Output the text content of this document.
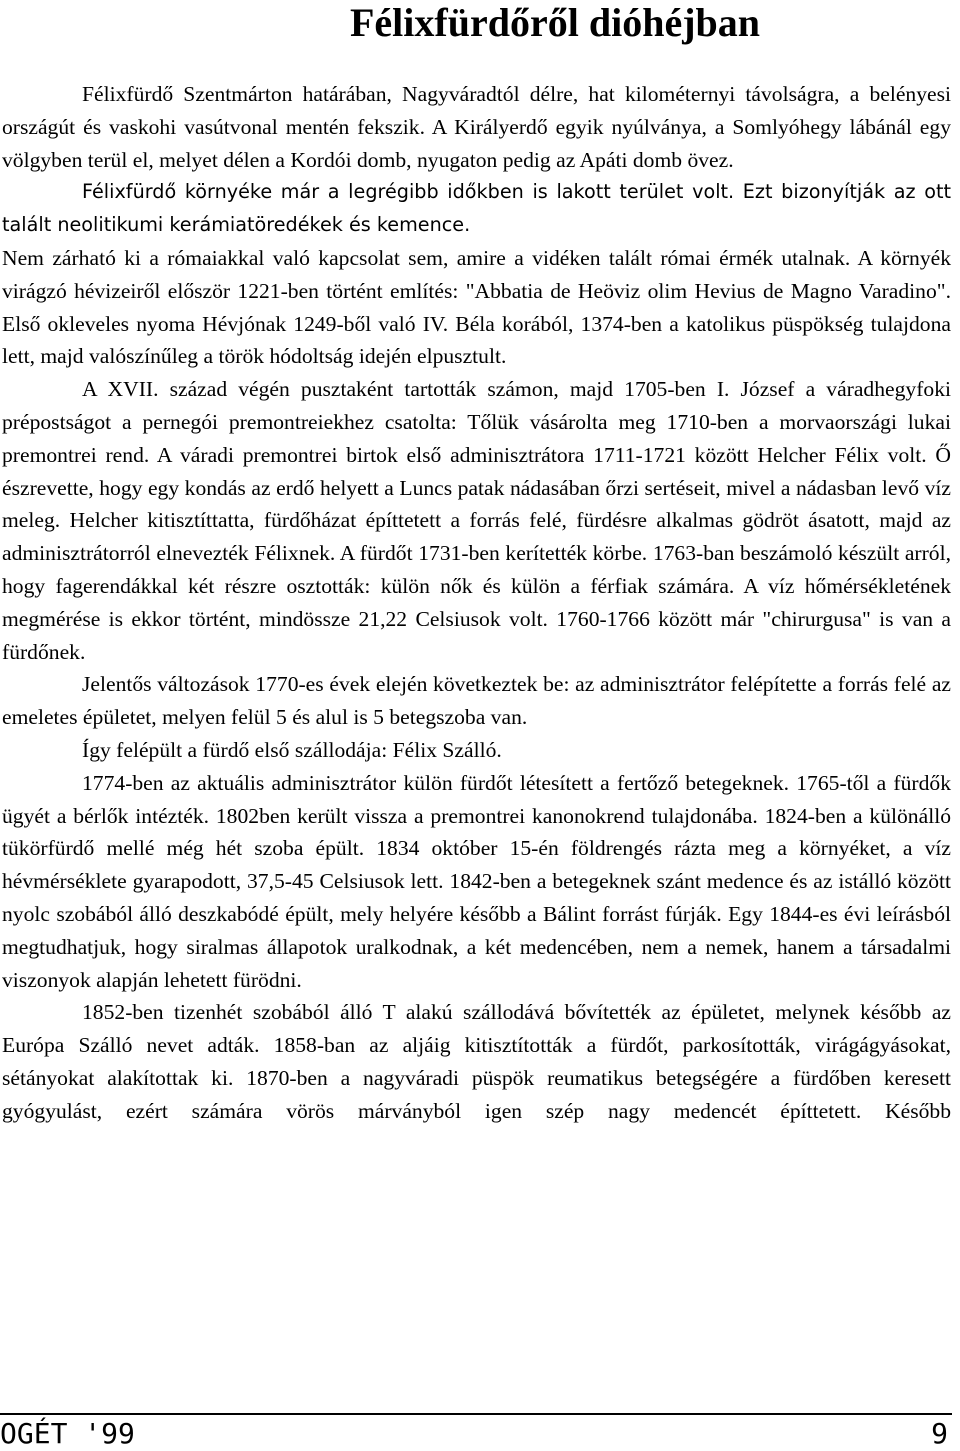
Félixfürdőről dióhéjban

Félixfürdő Szentmárton határában, Nagyváradtól délre, hat kilométernyi távolságra, a belényesi országút és vaskohi vasútvonal mentén fekszik. A Királyerdő egyik nyúlványa, a Somlyóhegy lábánál egy völgyben terül el, melyet délen a Kordói domb, nyugaton pedig az Apáti domb övez.

Félixfürdő környéke már a legrégibb időkben is lakott terület volt. Ezt bizonyítják az ott talált neolitikumi kerámiatöredékek és kemence.

Nem zárható ki a rómaiakkal való kapcsolat sem, amire a vidéken talált római érmék utalnak. A környék virágzó hévizeiről először 1221-ben történt említés: "Abbatia de Heöviz olim Hevius de Magno Varadino". Első okleveles nyoma Hévjónak 1249-ből való IV. Béla korából, 1374-ben a katolikus püspökség tulajdona lett, majd valószínűleg a török hódoltság idején elpusztult.

A XVII. század végén pusztaként tartották számon, majd 1705-ben I. József a váradhegyfoki prépostságot a pernegói premontreiekhez csatolta: Tőlük vásárolta meg 1710-ben a morvaországi lukai premontrei rend. A váradi premontrei birtok első adminisztrátora 1711-1721 között Helcher Félix volt. Ő észrevette, hogy egy kondás az erdő helyett a Luncs patak nádasában őrzi sertéseit, mivel a nádasban levő víz meleg. Helcher kitisztíttatta, fürdőházat építtetett a forrás felé, fürdésre alkalmas gödröt ásatott, majd az adminisztrátorról elnevezték Félixnek. A fürdőt 1731-ben kerítették körbe. 1763-ban beszámoló készült arról, hogy fagerendákkal két részre osztották: külön nők és külön a férfiak számára. A víz hőmérsékletének megmérése is ekkor történt, mindössze 21,22 Celsiusok volt. 1760-1766 között már "chirurgusa" is van a fürdőnek.

Jelentős változások 1770-es évek elején következtek be: az adminisztrátor felépítette a forrás felé az emeletes épületet, melyen felül 5 és alul is 5 betegszoba van.

Így felépült a fürdő első szállodája: Félix Szálló.

1774-ben az aktuális adminisztrátor külön fürdőt létesített a fertőző betegeknek. 1765-től a fürdők ügyét a bérlők intézték. 1802ben került vissza a premontrei kanonokrend tulajdonába. 1824-ben a különálló tükörfürdő mellé még hét szoba épült. 1834 október 15-én földrengés rázta meg a környéket, a víz hévmérséklete gyarapodott, 37,5-45 Celsiusok lett. 1842-ben a betegeknek szánt medence és az istálló között nyolc szobából álló deszkabódé épült, mely helyére később a Bálint forrást fúrják. Egy 1844-es évi leírásból megtudhatjuk, hogy siralmas állapotok uralkodnak, a két medencében, nem a nemek, hanem a társadalmi viszonyok alapján lehetett fürödni.

1852-ben tizenhét szobából álló T alakú szállodává bővítették az épületet, melynek később az Európa Szálló nevet adták. 1858-ban az aljáig kitisztították a fürdőt, parkosították, virágágyásokat, sétányokat alakítottak ki. 1870-ben a nagyváradi püspök reumatikus betegségére a fürdőben keresett gyógyulást, ezért számára vörös márványból igen szép nagy medencét építtetett. Később

OGÉT '99	9
